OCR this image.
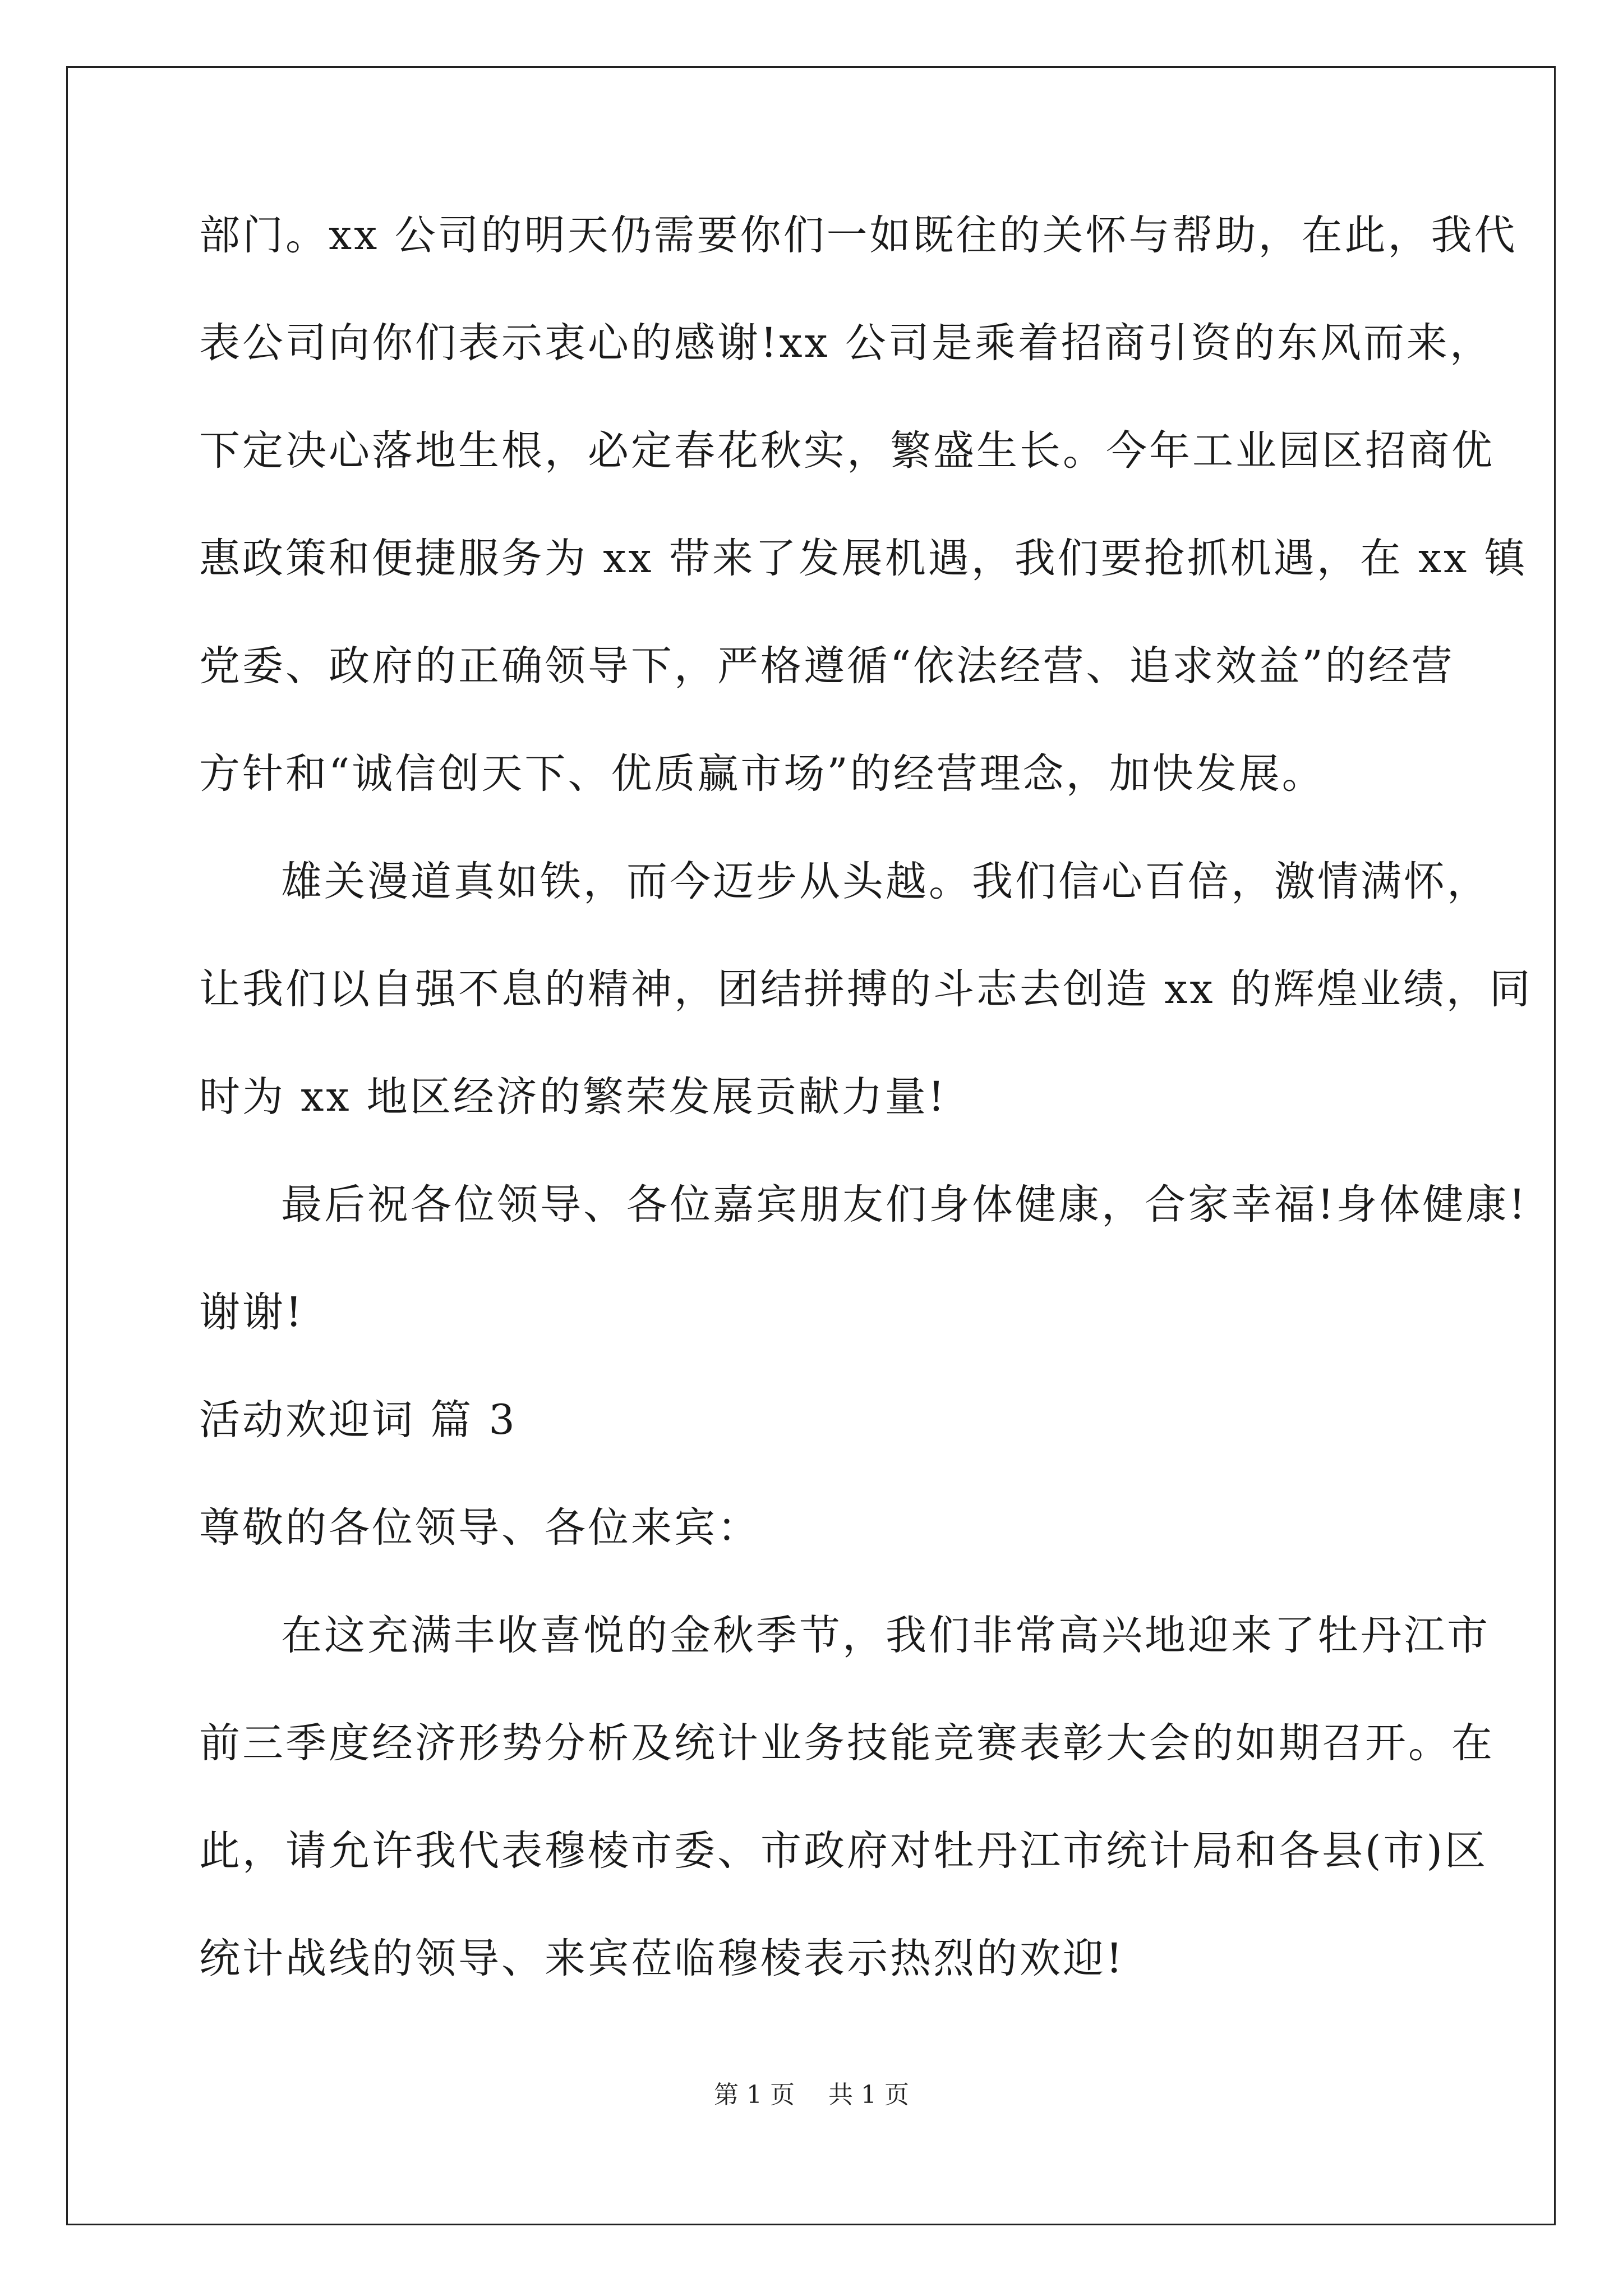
部门。xx 公司的明天仍需要你们一如既往的关怀与帮助，在此，我代
表公司向你们表示衷心的感谢!xx 公司是乘着招商引资的东风而来，
下定决心落地生根，必定春花秋实，繁盛生长。今年工业园区招商优
惠政策和便捷服务为 xx 带来了发展机遇，我们要抢抓机遇，在 xx 镇
党委、政府的正确领导下，严格遵循“依法经营、追求效益”的经营
方针和“诚信创天下、优质赢市场”的经营理念，加快发展。
雄关漫道真如铁，而今迈步从头越。我们信心百倍，激情满怀，
让我们以自强不息的精神，团结拼搏的斗志去创造 xx 的辉煌业绩，同
时为 xx 地区经济的繁荣发展贡献力量!
最后祝各位领导、各位嘉宾朋友们身体健康，合家幸福!身体健康!
谢谢!
活动欢迎词 篇 3
尊敬的各位领导、各位来宾：
在这充满丰收喜悦的金秋季节，我们非常高兴地迎来了牡丹江市
前三季度经济形势分析及统计业务技能竞赛表彰大会的如期召开。在
此，请允许我代表穆棱市委、市政府对牡丹江市统计局和各县(市)区
统计战线的领导、来宾莅临穆棱表示热烈的欢迎!
第 1 页 共 1 页
